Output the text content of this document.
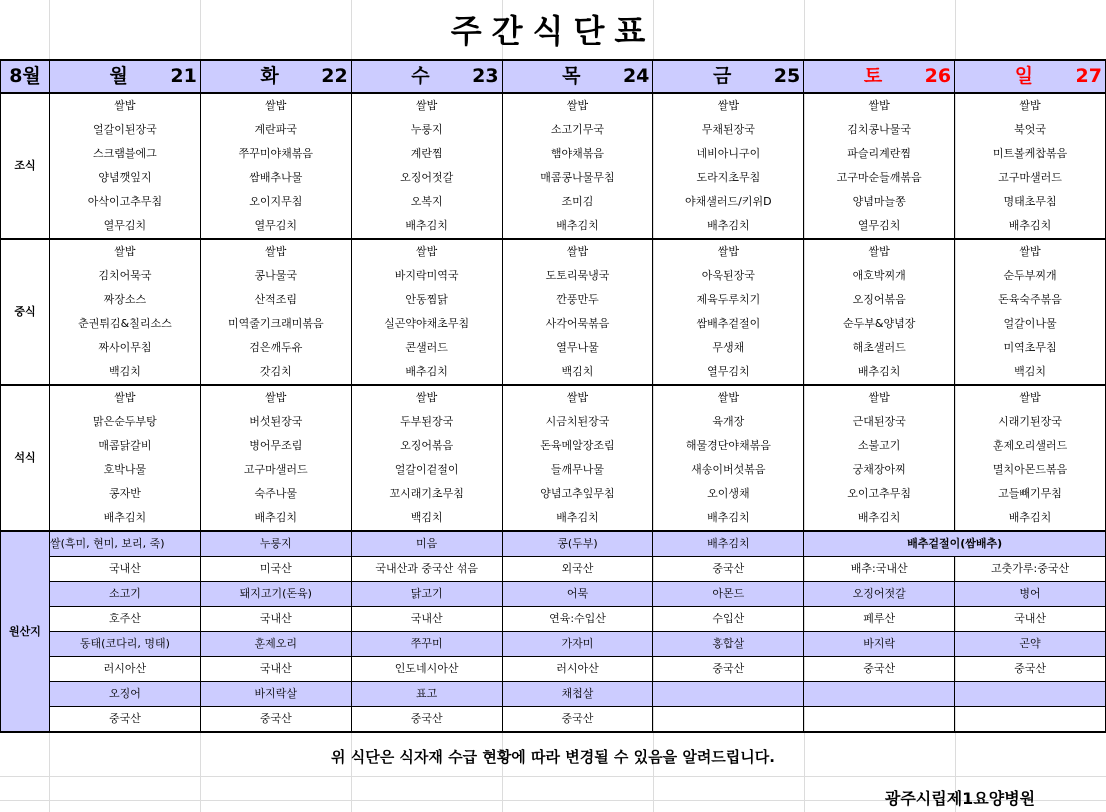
주간식단표
8월	월 21	화 22	수 23	목 24	금 25	토 26	일 27
조식	쌀밥	쌀밥	쌀밥	쌀밥	쌀밥	쌀밥	쌀밥
	얼갈이된장국	계란파국	누룽지	소고기무국	무채된장국	김치콩나물국	북엇국
	스크램블에그	쭈꾸미야채볶음	계란찜	햄야채볶음	네비아니구이	파슬리계란찜	미트볼케찹볶음
	양념깻잎지	쌈배추나물	오징어젓갈	매콤콩나물무침	도라지초무침	고구마순들깨볶음	고구마샐러드
	아삭이고추무침	오이지무침	오복지	조미김	야채샐러드/키위D	양념마늘쫑	명태초무침
	열무김치	열무김치	배추김치	배추김치	배추김치	열무김치	배추김치
중식	쌀밥	쌀밥	쌀밥	쌀밥	쌀밥	쌀밥	쌀밥
	김치어묵국	콩나물국	바지락미역국	도토리묵냉국	아욱된장국	애호박찌개	순두부찌개
	짜장소스	산적조림	안동찜닭	깐풍만두	제육두루치기	오징어볶음	돈육숙주볶음
	춘권튀김&칠리소스	미역줄기크래미볶음	실곤약야채초무침	사각어묵볶음	쌈배추겉절이	순두부&양념장	얼갈이나물
	짜사이무침	검은깨두유	콘샐러드	열무나물	무생채	해초샐러드	미역초무침
	백김치	갓김치	배추김치	백김치	열무김치	배추김치	백김치
석식	쌀밥	쌀밥	쌀밥	쌀밥	쌀밥	쌀밥	쌀밥
	맑은순두부탕	버섯된장국	두부된장국	시금치된장국	육개장	근대된장국	시래기된장국
	매콤닭갈비	병어무조림	오징어볶음	돈육메알장조림	해물경단야채볶음	소불고기	훈제오리샐러드
	호박나물	고구마샐러드	얼갈이겉절이	들깨무나물	새송이버섯볶음	궁채장아찌	멸치아몬드볶음
	콩자반	숙주나물	꼬시래기초무침	양념고추잎무침	오이생채	오이고추무침	고들빼기무침
	배추김치	배추김치	백김치	배추김치	배추김치	배추김치	배추김치
원산지	쌀(흑미, 현미, 보리, 죽)	누룽지	미음	콩(두부)	배추김치	배추겉절이(쌈배추)	
	국내산	미국산	국내산과 중국산 섞음	외국산	중국산	배추:국내산	고춧가루:중국산
	소고기	돼지고기(돈육)	닭고기	어묵	아몬드	오징어젓갈	병어
	호주산	국내산	국내산	연육:수입산	수입산	페루산	국내산
	동태(코다리, 명태)	훈제오리	쭈꾸미	가자미	홍합살	바지락	곤약
	러시아산	국내산	인도네시아산	러시아산	중국산	중국산	중국산
	오징어	바지락살	표고	채첩살			
	중국산	중국산	중국산	중국산			
위 식단은 식자재 수급 현황에 따라 변경될 수 있음을 알려드립니다.
광주시립제1요양병원
